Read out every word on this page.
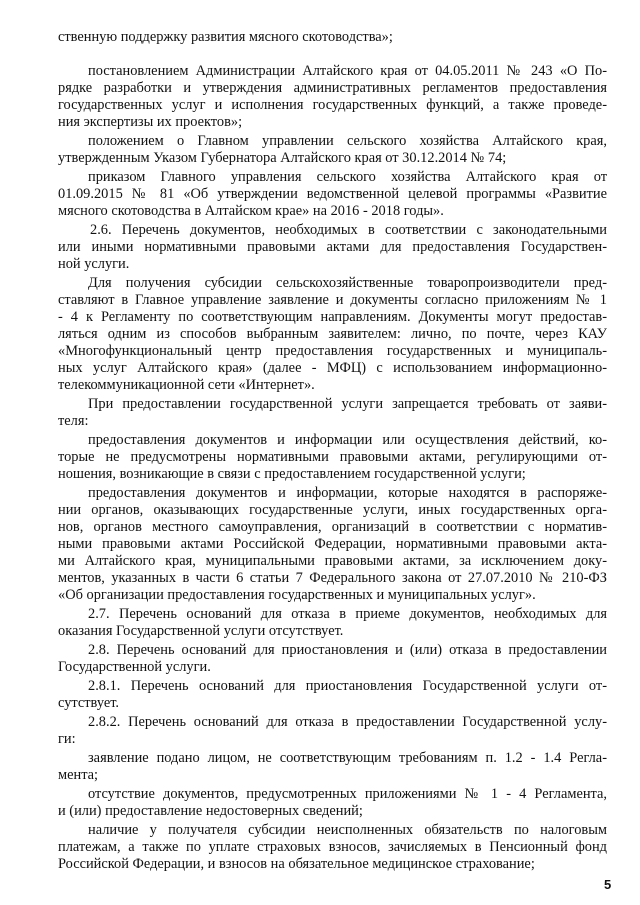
ственную поддержку развития мясного скотоводства»;

постановлением Администрации Алтайского края от 04.05.2011 № 243 «О По-

рядке разработки и утверждения административных регламентов предоставления

государственных услуг и исполнения государственных функций, а также проведе-

ния экспертизы их проектов»;

положением о Главном управлении сельского хозяйства Алтайского края,

утвержденным Указом Губернатора Алтайского края от 30.12.2014 № 74;

приказом Главного управления сельского хозяйства Алтайского края от

01.09.2015 № 81 «Об утверждении ведомственной целевой программы «Развитие

мясного скотоводства в Алтайском крае» на 2016 - 2018 годы».

2.6. Перечень документов, необходимых в соответствии с законодательными

или иными нормативными правовыми актами для предоставления Государствен-

ной услуги.

Для получения субсидии сельскохозяйственные товаропроизводители пред-

ставляют в Главное управление заявление и документы согласно приложениям № 1

- 4 к Регламенту по соответствующим направлениям. Документы могут предостав-

ляться одним из способов выбранным заявителем: лично, по почте, через КАУ

«Многофункциональный центр предоставления государственных и муниципаль-

ных услуг Алтайского края» (далее - МФЦ) с использованием информационно-

телекоммуникационной сети «Интернет».

При предоставлении государственной услуги запрещается требовать от заяви-

теля:

предоставления документов и информации или осуществления действий, ко-

торые не предусмотрены нормативными правовыми актами, регулирующими от-

ношения, возникающие в связи с предоставлением государственной услуги;

предоставления документов и информации, которые находятся в распоряже-

нии органов, оказывающих государственные услуги, иных государственных орга-

нов, органов местного самоуправления, организаций в соответствии с норматив-

ными правовыми актами Российской Федерации, нормативными правовыми акта-

ми Алтайского края, муниципальными правовыми актами, за исключением доку-

ментов, указанных в части 6 статьи 7 Федерального закона от 27.07.2010 № 210-ФЗ

«Об организации предоставления государственных и муниципальных услуг».

2.7. Перечень оснований для отказа в приеме документов, необходимых для

оказания Государственной услуги отсутствует.

2.8. Перечень оснований для приостановления и (или) отказа в предоставлении

Государственной услуги.

2.8.1. Перечень оснований для приостановления Государственной услуги от-

сутствует.

2.8.2. Перечень оснований для отказа в предоставлении Государственной услу-

ги:

заявление подано лицом, не соответствующим требованиям п. 1.2 - 1.4 Регла-

мента;

отсутствие документов, предусмотренных приложениями № 1 - 4 Регламента,

и (или) предоставление недостоверных сведений;

наличие у получателя субсидии неисполненных обязательств по налоговым

платежам, а также по уплате страховых взносов, зачисляемых в Пенсионный фонд

Российской Федерации, и взносов на обязательное медицинское страхование;

5
